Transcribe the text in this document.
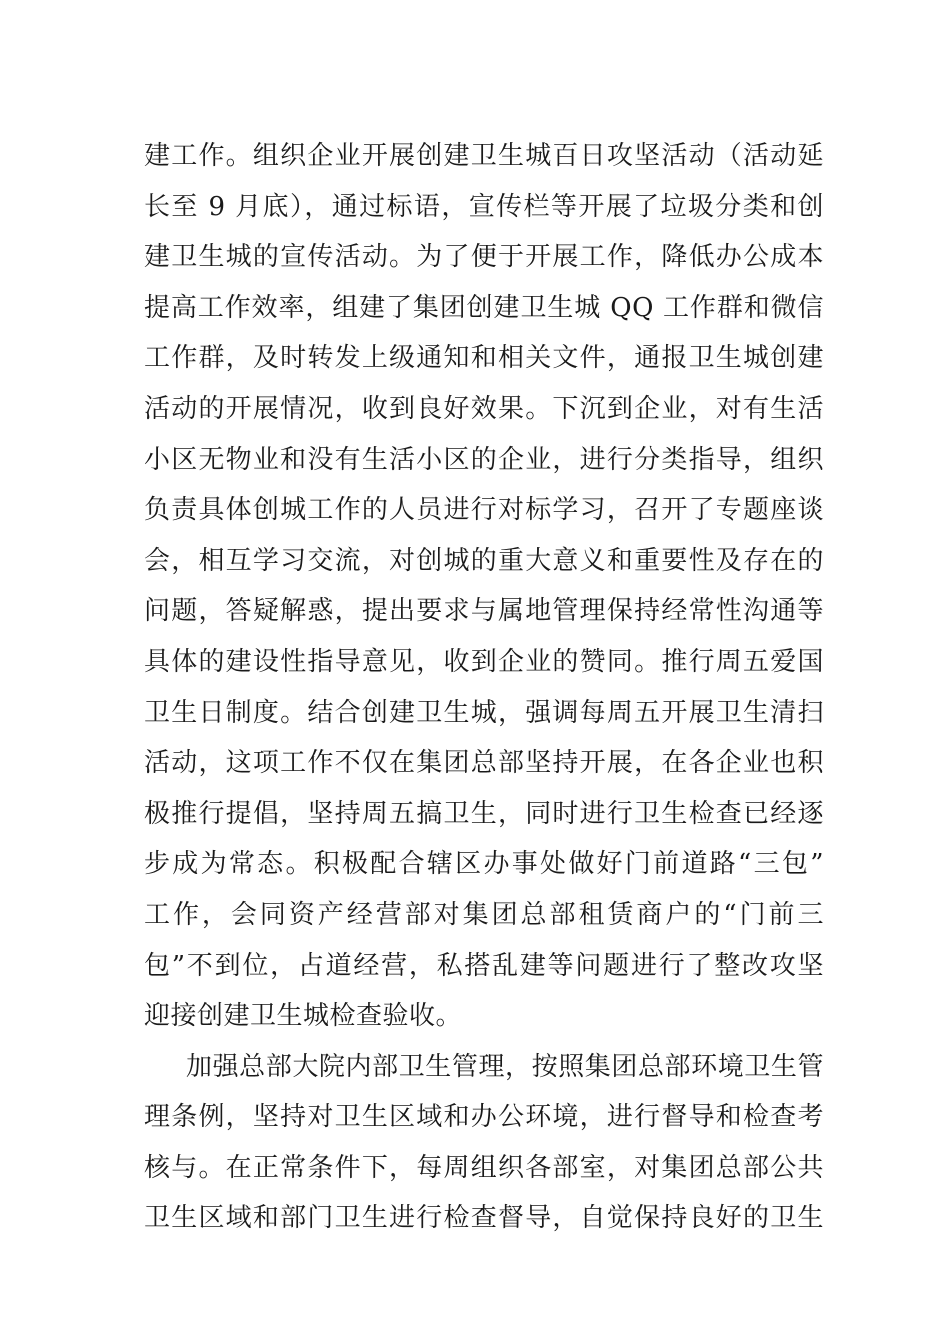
建工作。组织企业开展创建卫生城百日攻坚活动（活动延
长至 9 月底），通过标语，宣传栏等开展了垃圾分类和创
建卫生城的宣传活动。为了便于开展工作，降低办公成本
提高工作效率，组建了集团创建卫生城 QQ 工作群和微信
工作群，及时转发上级通知和相关文件，通报卫生城创建
活动的开展情况，收到良好效果。下沉到企业，对有生活
小区无物业和没有生活小区的企业，进行分类指导，组织
负责具体创城工作的人员进行对标学习，召开了专题座谈
会，相互学习交流，对创城的重大意义和重要性及存在的
问题，答疑解惑，提出要求与属地管理保持经常性沟通等
具体的建设性指导意见，收到企业的赞同。推行周五爱国
卫生日制度。结合创建卫生城，强调每周五开展卫生清扫
活动，这项工作不仅在集团总部坚持开展，在各企业也积
极推行提倡，坚持周五搞卫生，同时进行卫生检查已经逐
步成为常态。积极配合辖区办事处做好门前道路“三包”
工作，会同资产经营部对集团总部租赁商户的“门前三
包”不到位，占道经营，私搭乱建等问题进行了整改攻坚
迎接创建卫生城检查验收。
加强总部大院内部卫生管理，按照集团总部环境卫生管
理条例，坚持对卫生区域和办公环境，进行督导和检查考
核与。在正常条件下，每周组织各部室，对集团总部公共
卫生区域和部门卫生进行检查督导，自觉保持良好的卫生
